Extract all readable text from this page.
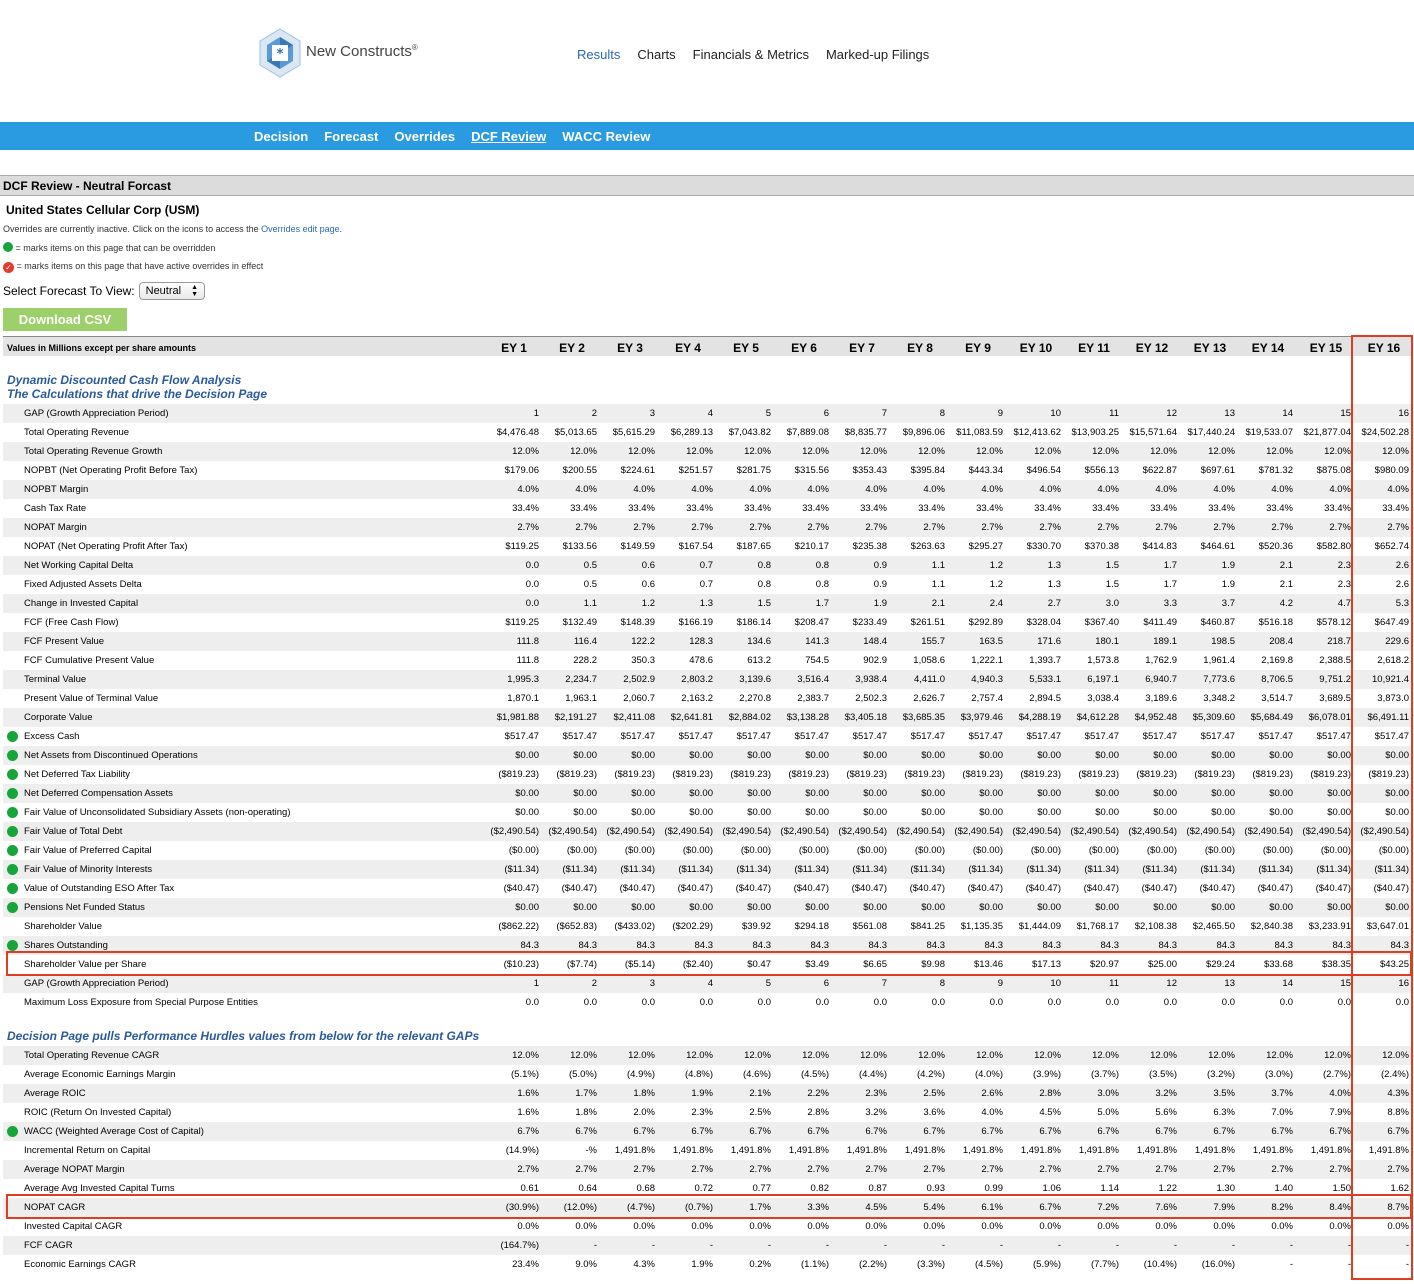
* New Constructs®	Results Charts Financials & Metrics Marked-up Filings
Decision Forecast Overrides DCF Review WACC Review
DCF Review - Neutral Forcast
United States Cellular Corp (USM)
Overrides are currently inactive. Click on the icons to access the Overrides edit page.
= marks items on this page that can be overridden
✓ = marks items on this page that have active overrides in effect
Select Forecast To View: Neutral ▲
▼
Download CSV
Values in Millions except per share amounts	EY 1	EY 2	EY 3	EY 4	EY 5	EY 6	EY 7	EY 8	EY 9	EY 10	EY 11	EY 12	EY 13	EY 14	EY 15	EY 16
Dynamic Discounted Cash Flow Analysis
The Calculations that drive the Decision Page
GAP (Growth Appreciation Period)	1	2	3	4	5	6	7	8	9	10	11	12	13	14	15	16
Total Operating Revenue	$4,476.48	$5,013.65	$5,615.29	$6,289.13	$7,043.82	$7,889.08	$8,835.77	$9,896.06	$11,083.59	$12,413.62	$13,903.25	$15,571.64	$17,440.24	$19,533.07	$21,877.04	$24,502.28
Total Operating Revenue Growth	12.0%	12.0%	12.0%	12.0%	12.0%	12.0%	12.0%	12.0%	12.0%	12.0%	12.0%	12.0%	12.0%	12.0%	12.0%	12.0%
NOPBT (Net Operating Profit Before Tax)	$179.06	$200.55	$224.61	$251.57	$281.75	$315.56	$353.43	$395.84	$443.34	$496.54	$556.13	$622.87	$697.61	$781.32	$875.08	$980.09
NOPBT Margin	4.0%	4.0%	4.0%	4.0%	4.0%	4.0%	4.0%	4.0%	4.0%	4.0%	4.0%	4.0%	4.0%	4.0%	4.0%	4.0%
Cash Tax Rate	33.4%	33.4%	33.4%	33.4%	33.4%	33.4%	33.4%	33.4%	33.4%	33.4%	33.4%	33.4%	33.4%	33.4%	33.4%	33.4%
NOPAT Margin	2.7%	2.7%	2.7%	2.7%	2.7%	2.7%	2.7%	2.7%	2.7%	2.7%	2.7%	2.7%	2.7%	2.7%	2.7%	2.7%
NOPAT (Net Operating Profit After Tax)	$119.25	$133.56	$149.59	$167.54	$187.65	$210.17	$235.38	$263.63	$295.27	$330.70	$370.38	$414.83	$464.61	$520.36	$582.80	$652.74
Net Working Capital Delta	0.0	0.5	0.6	0.7	0.8	0.8	0.9	1.1	1.2	1.3	1.5	1.7	1.9	2.1	2.3	2.6
Fixed Adjusted Assets Delta	0.0	0.5	0.6	0.7	0.8	0.8	0.9	1.1	1.2	1.3	1.5	1.7	1.9	2.1	2.3	2.6
Change in Invested Capital	0.0	1.1	1.2	1.3	1.5	1.7	1.9	2.1	2.4	2.7	3.0	3.3	3.7	4.2	4.7	5.3
FCF (Free Cash Flow)	$119.25	$132.49	$148.39	$166.19	$186.14	$208.47	$233.49	$261.51	$292.89	$328.04	$367.40	$411.49	$460.87	$516.18	$578.12	$647.49
FCF Present Value	111.8	116.4	122.2	128.3	134.6	141.3	148.4	155.7	163.5	171.6	180.1	189.1	198.5	208.4	218.7	229.6
FCF Cumulative Present Value	111.8	228.2	350.3	478.6	613.2	754.5	902.9	1,058.6	1,222.1	1,393.7	1,573.8	1,762.9	1,961.4	2,169.8	2,388.5	2,618.2
Terminal Value	1,995.3	2,234.7	2,502.9	2,803.2	3,139.6	3,516.4	3,938.4	4,411.0	4,940.3	5,533.1	6,197.1	6,940.7	7,773.6	8,706.5	9,751.2	10,921.4
Present Value of Terminal Value	1,870.1	1,963.1	2,060.7	2,163.2	2,270.8	2,383.7	2,502.3	2,626.7	2,757.4	2,894.5	3,038.4	3,189.6	3,348.2	3,514.7	3,689.5	3,873.0
Corporate Value	$1,981.88	$2,191.27	$2,411.08	$2,641.81	$2,884.02	$3,138.28	$3,405.18	$3,685.35	$3,979.46	$4,288.19	$4,612.28	$4,952.48	$5,309.60	$5,684.49	$6,078.01	$6,491.11
Excess Cash	$517.47	$517.47	$517.47	$517.47	$517.47	$517.47	$517.47	$517.47	$517.47	$517.47	$517.47	$517.47	$517.47	$517.47	$517.47	$517.47
Net Assets from Discontinued Operations	$0.00	$0.00	$0.00	$0.00	$0.00	$0.00	$0.00	$0.00	$0.00	$0.00	$0.00	$0.00	$0.00	$0.00	$0.00	$0.00
Net Deferred Tax Liability	($819.23)	($819.23)	($819.23)	($819.23)	($819.23)	($819.23)	($819.23)	($819.23)	($819.23)	($819.23)	($819.23)	($819.23)	($819.23)	($819.23)	($819.23)	($819.23)
Net Deferred Compensation Assets	$0.00	$0.00	$0.00	$0.00	$0.00	$0.00	$0.00	$0.00	$0.00	$0.00	$0.00	$0.00	$0.00	$0.00	$0.00	$0.00
Fair Value of Unconsolidated Subsidiary Assets (non-operating)	$0.00	$0.00	$0.00	$0.00	$0.00	$0.00	$0.00	$0.00	$0.00	$0.00	$0.00	$0.00	$0.00	$0.00	$0.00	$0.00
Fair Value of Total Debt	($2,490.54) ($2,490.54) ($2,490.54) ($2,490.54) ($2,490.54) ($2,490.54) ($2,490.54) ($2,490.54) ($2,490.54) ($2,490.54) ($2,490.54) ($2,490.54) ($2,490.54) ($2,490.54) ($2,490.54) ($2,490.54)
Fair Value of Preferred Capital	($0.00)	($0.00)	($0.00)	($0.00)	($0.00)	($0.00)	($0.00)	($0.00)	($0.00)	($0.00)	($0.00)	($0.00)	($0.00)	($0.00)	($0.00)	($0.00)
Fair Value of Minority Interests	($11.34)	($11.34)	($11.34)	($11.34)	($11.34)	($11.34)	($11.34)	($11.34)	($11.34)	($11.34)	($11.34)	($11.34)	($11.34)	($11.34)	($11.34)	($11.34)
Value of Outstanding ESO After Tax	($40.47)	($40.47)	($40.47)	($40.47)	($40.47)	($40.47)	($40.47)	($40.47)	($40.47)	($40.47)	($40.47)	($40.47)	($40.47)	($40.47)	($40.47)	($40.47)
Pensions Net Funded Status	$0.00	$0.00	$0.00	$0.00	$0.00	$0.00	$0.00	$0.00	$0.00	$0.00	$0.00	$0.00	$0.00	$0.00	$0.00	$0.00
Shareholder Value	($862.22)	($652.83)	($433.02)	($202.29)	$39.92	$294.18	$561.08	$841.25	$1,135.35	$1,444.09	$1,768.17	$2,108.38	$2,465.50	$2,840.38	$3,233.91	$3,647.01
Shares Outstanding	84.3	84.3	84.3	84.3	84.3	84.3	84.3	84.3	84.3	84.3	84.3	84.3	84.3	84.3	84.3	84.3
Shareholder Value per Share	($10.23)	($7.74)	($5.14)	($2.40)	$0.47	$3.49	$6.65	$9.98	$13.46	$17.13	$20.97	$25.00	$29.24	$33.68	$38.35	$43.25
GAP (Growth Appreciation Period)	1	2	3	4	5	6	7	8	9	10	11	12	13	14	15	16
Maximum Loss Exposure from Special Purpose Entities	0.0	0.0	0.0	0.0	0.0	0.0	0.0	0.0	0.0	0.0	0.0	0.0	0.0	0.0	0.0	0.0
Decision Page pulls Performance Hurdles values from below for the relevant GAPs
Total Operating Revenue CAGR	12.0%	12.0%	12.0%	12.0%	12.0%	12.0%	12.0%	12.0%	12.0%	12.0%	12.0%	12.0%	12.0%	12.0%	12.0%	12.0%
Average Economic Earnings Margin	(5.1%)	(5.0%)	(4.9%)	(4.8%)	(4.6%)	(4.5%)	(4.4%)	(4.2%)	(4.0%)	(3.9%)	(3.7%)	(3.5%)	(3.2%)	(3.0%)	(2.7%)	(2.4%)
Average ROIC	1.6%	1.7%	1.8%	1.9%	2.1%	2.2%	2.3%	2.5%	2.6%	2.8%	3.0%	3.2%	3.5%	3.7%	4.0%	4.3%
ROIC (Return On Invested Capital)	1.6%	1.8%	2.0%	2.3%	2.5%	2.8%	3.2%	3.6%	4.0%	4.5%	5.0%	5.6%	6.3%	7.0%	7.9%	8.8%
WACC (Weighted Average Cost of Capital)	6.7%	6.7%	6.7%	6.7%	6.7%	6.7%	6.7%	6.7%	6.7%	6.7%	6.7%	6.7%	6.7%	6.7%	6.7%	6.7%
Incremental Return on Capital	(14.9%)	-%	1,491.8%	1,491.8%	1,491.8%	1,491.8%	1,491.8%	1,491.8%	1,491.8%	1,491.8%	1,491.8%	1,491.8%	1,491.8%	1,491.8%	1,491.8%	1,491.8%
Average NOPAT Margin	2.7%	2.7%	2.7%	2.7%	2.7%	2.7%	2.7%	2.7%	2.7%	2.7%	2.7%	2.7%	2.7%	2.7%	2.7%	2.7%
Average Avg Invested Capital Turns	0.61	0.64	0.68	0.72	0.77	0.82	0.87	0.93	0.99	1.06	1.14	1.22	1.30	1.40	1.50	1.62
NOPAT CAGR	(30.9%)	(12.0%)	(4.7%)	(0.7%)	1.7%	3.3%	4.5%	5.4%	6.1%	6.7%	7.2%	7.6%	7.9%	8.2%	8.4%	8.7%
Invested Capital CAGR	0.0%	0.0%	0.0%	0.0%	0.0%	0.0%	0.0%	0.0%	0.0%	0.0%	0.0%	0.0%	0.0%	0.0%	0.0%	0.0%
FCF CAGR	(164.7%)	-	-	-	-	-	-	-	-	-	-	-	-	-	-	-
Economic Earnings CAGR	23.4%	9.0%	4.3%	1.9%	0.2%	(1.1%)	(2.2%)	(3.3%)	(4.5%)	(5.9%)	(7.7%)	(10.4%)	(16.0%)	-	-	-
